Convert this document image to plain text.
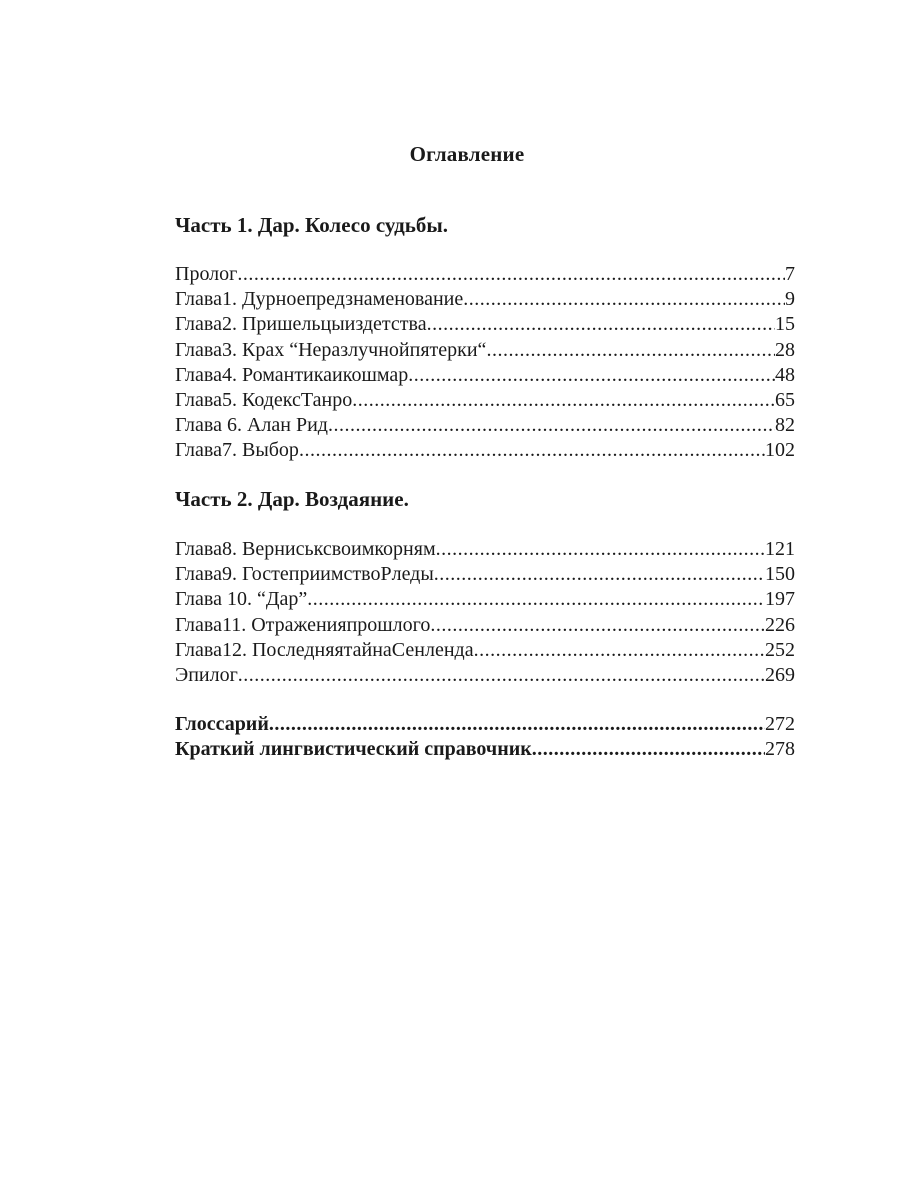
Оглавление
Часть 1. Дар. Колесо судьбы.
Пролог .....	7
Глава1. Дурноепредзнаменование .....	9
Глава2. Пришельцыиздетства .....	15
Глава3. Крах “Неразлучнойпятерки“ .....	28
Глава4. Романтикаикошмар .....	48
Глава5. КодексТанро .....	65
Глава 6. Алан Рид .....	82
Глава7. Выбор .....	102
Часть 2. Дар. Воздаяние.
Глава8. Верниськсвоимкорням .....	121
Глава9. ГостеприимствоРледы .....	150
Глава 10. “Дар” .....	197
Глава11. Отраженияпрошлого .....	226
Глава12. ПоследняятайнаСенленда .....	252
Эпилог .....	269
Глоссарий .....	272
Краткий лингвистический справочник .....	278
